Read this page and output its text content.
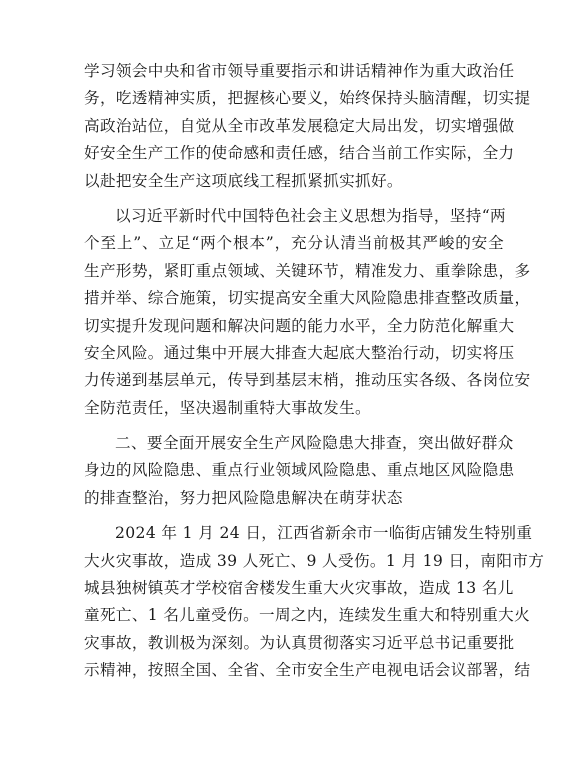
学习领会中央和省市领导重要指示和讲话精神作为重大政治任
务，吃透精神实质，把握核心要义，始终保持头脑清醒，切实提
高政治站位，自觉从全市改革发展稳定大局出发，切实增强做
好安全生产工作的使命感和责任感，结合当前工作实际，全力
以赴把安全生产这项底线工程抓紧抓实抓好。
以习近平新时代中国特色社会主义思想为指导，坚持“两
个至上”、立足“两个根本”，充分认清当前极其严峻的安全
生产形势，紧盯重点领域、关键环节，精准发力、重拳除患，多
措并举、综合施策，切实提高安全重大风险隐患排查整改质量，
切实提升发现问题和解决问题的能力水平，全力防范化解重大
安全风险。通过集中开展大排查大起底大整治行动，切实将压
力传递到基层单元，传导到基层末梢，推动压实各级、各岗位安
全防范责任，坚决遏制重特大事故发生。
二、要全面开展安全生产风险隐患大排查，突出做好群众
身边的风险隐患、重点行业领域风险隐患、重点地区风险隐患
的排查整治，努力把风险隐患解决在萌芽状态
2024 年 1 月 24 日，江西省新余市一临街店铺发生特别重
大火灾事故，造成 39 人死亡、9 人受伤。1 月 19 日，南阳市方
城县独树镇英才学校宿舍楼发生重大火灾事故，造成 13 名儿
童死亡、1 名儿童受伤。一周之内，连续发生重大和特别重大火
灾事故，教训极为深刻。为认真贯彻落实习近平总书记重要批
示精神，按照全国、全省、全市安全生产电视电话会议部署，结
